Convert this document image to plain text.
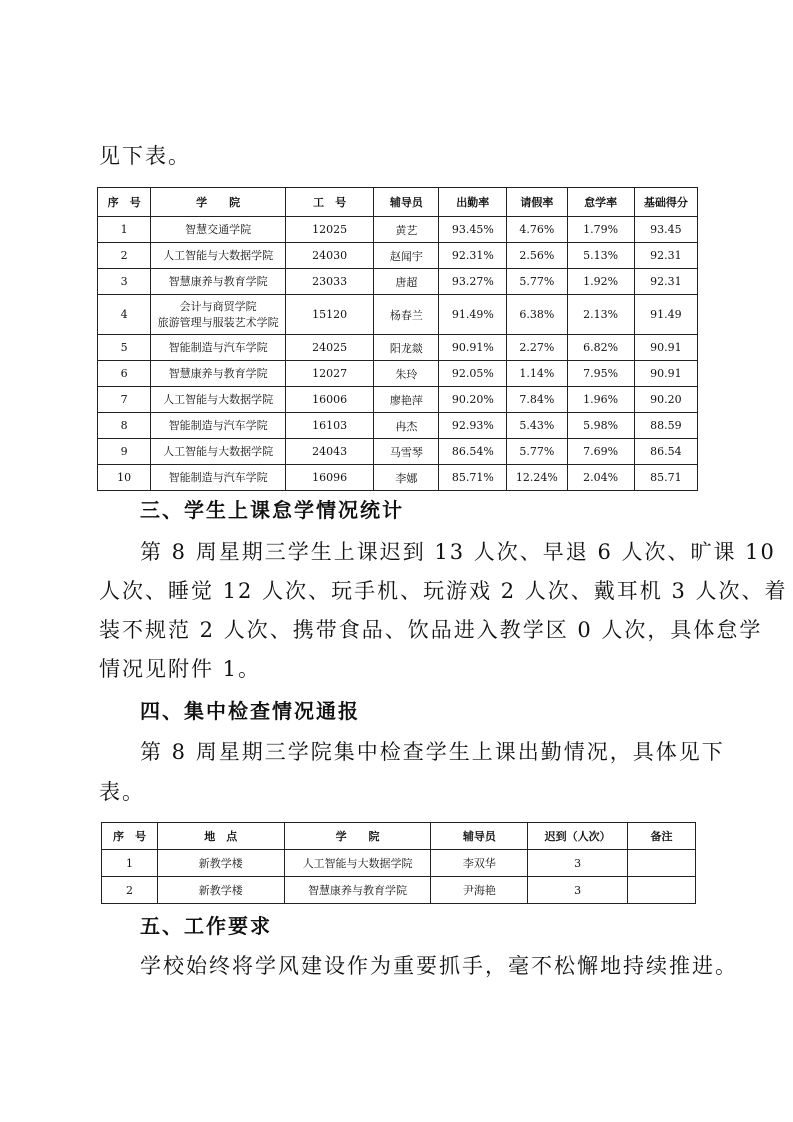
见下表。
序　号	学　　院	工　号	辅导员	出勤率	请假率	怠学率	基础得分
1	智慧交通学院	12025	黄艺	93.45%	4.76%	1.79%	93.45
2	人工智能与大数据学院	24030	赵闻宇	92.31%	2.56%	5.13%	92.31
3	智慧康养与教育学院	23033	唐超	93.27%	5.77%	1.92%	92.31
4	会计与商贸学院
旅游管理与服装艺术学院	15120	杨春兰	91.49%	6.38%	2.13%	91.49
5	智能制造与汽车学院	24025	阳龙燚	90.91%	2.27%	6.82%	90.91
6	智慧康养与教育学院	12027	朱玲	92.05%	1.14%	7.95%	90.91
7	人工智能与大数据学院	16006	廖艳萍	90.20%	7.84%	1.96%	90.20
8	智能制造与汽车学院	16103	冉杰	92.93%	5.43%	5.98%	88.59
9	人工智能与大数据学院	24043	马雪琴	86.54%	5.77%	7.69%	86.54
10	智能制造与汽车学院	16096	李娜	85.71%	12.24%	2.04%	85.71
三、学生上课怠学情况统计
第 8 周星期三学生上课迟到 13 人次、早退 6 人次、旷课 10
人次、睡觉 12 人次、玩手机、玩游戏 2 人次、戴耳机 3 人次、着
装不规范 2 人次、携带食品、饮品进入教学区 0 人次，具体怠学
情况见附件 1。
四、集中检查情况通报
第 8 周星期三学院集中检查学生上课出勤情况，具体见下
表。
序　号	地　点	学　　院	辅导员	迟到（人次）	备注
1	新教学楼	人工智能与大数据学院	李双华	3	
2	新教学楼	智慧康养与教育学院	尹海艳	3	
五、工作要求
学校始终将学风建设作为重要抓手，毫不松懈地持续推进。
